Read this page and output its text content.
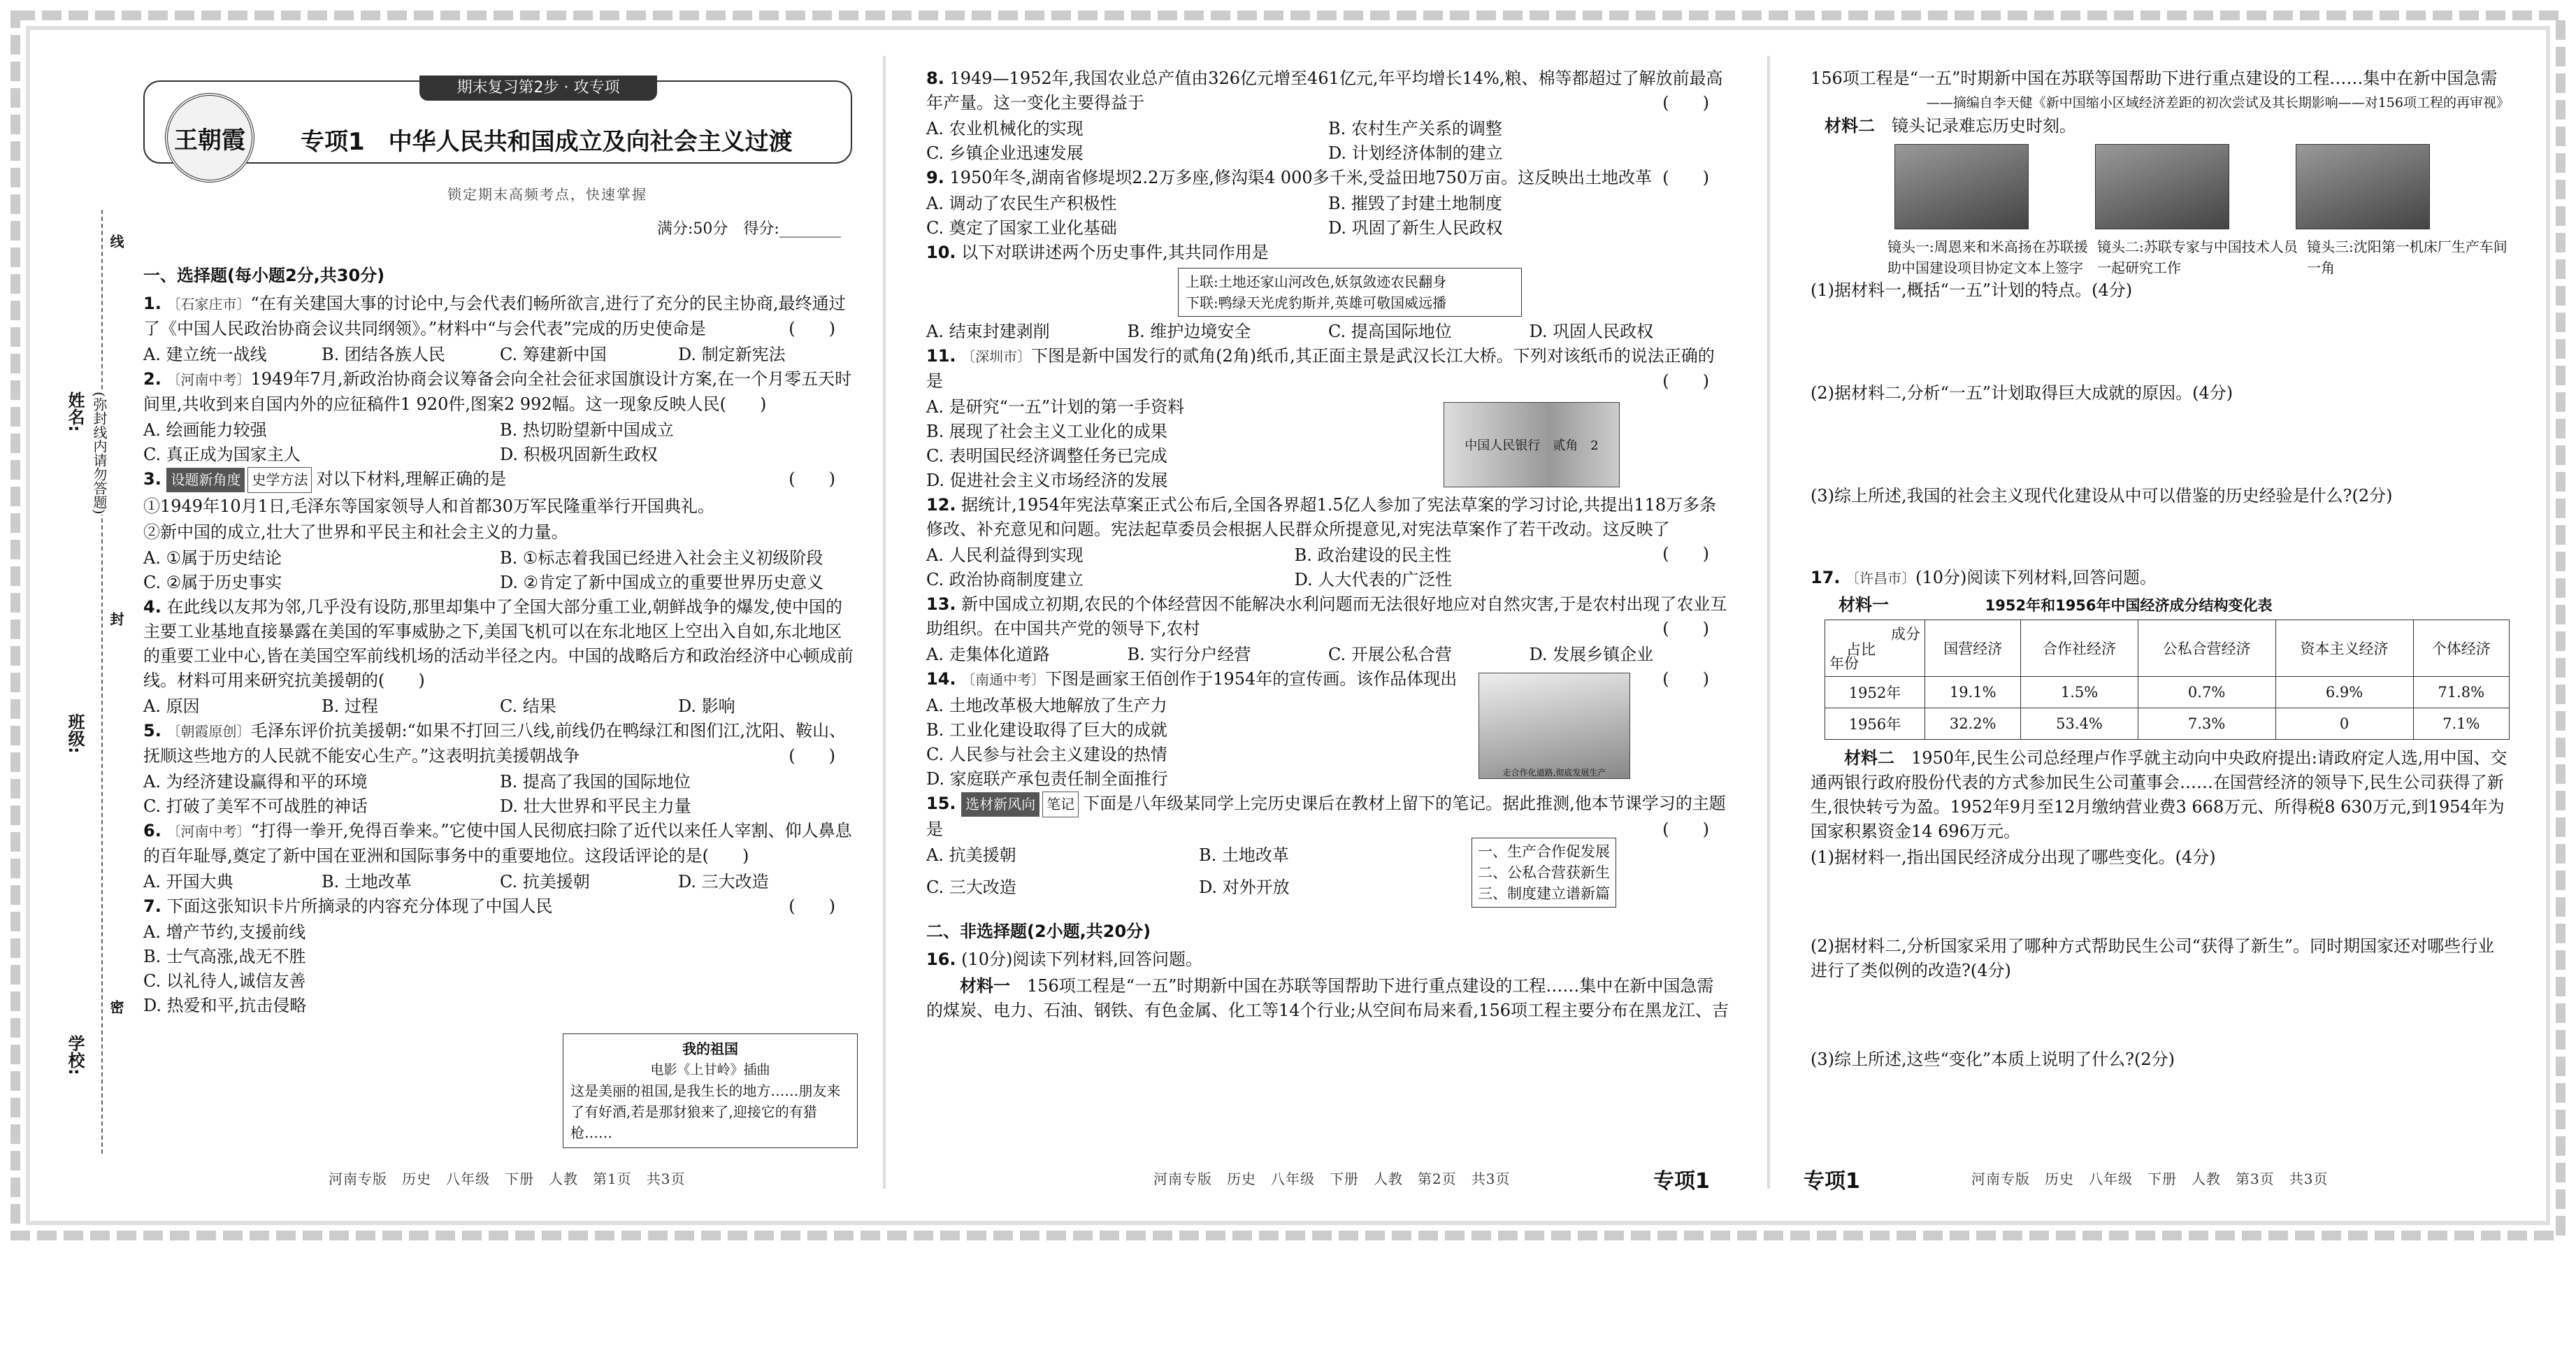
姓名:
班级:
学校:
(弥封线内请勿答题)
线
封
密
期末复习第2步 · 攻专项
王朝霞 专项1　中华人民共和国成立及向社会主义过渡
锁定期末高频考点，快速掌握
满分:50分　得分:________
一、选择题(每小题2分,共30分)
1. 〔石家庄市〕“在有关建国大事的讨论中,与会代表们畅所欲言,进行了充分的民主协商,最终通过了《中国人民政治协商会议共同纲领》。”材料中“与会代表”完成的历史使命是	(　　)
A. 建立统一战线	B. 团结各族人民	C. 筹建新中国	D. 制定新宪法
2. 〔河南中考〕1949年7月,新政治协商会议筹备会向全社会征求国旗设计方案,在一个月零五天时间里,共收到来自国内外的应征稿件1 920件,图案2 992幅。这一现象反映人民(　　)
A. 绘画能力较强	B. 热切盼望新中国成立
C. 真正成为国家主人	D. 积极巩固新生政权
3. 设题新角度 史学方法 对以下材料,理解正确的是	(　　)
①1949年10月1日,毛泽东等国家领导人和首都30万军民隆重举行开国典礼。
②新中国的成立,壮大了世界和平民主和社会主义的力量。
A. ①属于历史结论	B. ①标志着我国已经进入社会主义初级阶段
C. ②属于历史事实	D. ②肯定了新中国成立的重要世界历史意义
4. 在此线以友邦为邻,几乎没有设防,那里却集中了全国大部分重工业,朝鲜战争的爆发,使中国的主要工业基地直接暴露在美国的军事威胁之下,美国飞机可以在东北地区上空出入自如,东北地区的重要工业中心,皆在美国空军前线机场的活动半径之内。中国的战略后方和政治经济中心顿成前线。材料可用来研究抗美援朝的(　　)
A. 原因	B. 过程	C. 结果	D. 影响
5. 〔朝霞原创〕毛泽东评价抗美援朝:“如果不打回三八线,前线仍在鸭绿江和图们江,沈阳、鞍山、抚顺这些地方的人民就不能安心生产。”这表明抗美援朝战争	(　　)
A. 为经济建设赢得和平的环境	B. 提高了我国的国际地位
C. 打破了美军不可战胜的神话	D. 壮大世界和平民主力量
6. 〔河南中考〕“打得一拳开,免得百拳来。”它使中国人民彻底扫除了近代以来任人宰割、仰人鼻息的百年耻辱,奠定了新中国在亚洲和国际事务中的重要地位。这段话评论的是(　　)
A. 开国大典	B. 土地改革	C. 抗美援朝	D. 三大改造
7. 下面这张知识卡片所摘录的内容充分体现了中国人民	(　　)
A. 增产节约,支援前线
B. 士气高涨,战无不胜
C. 以礼待人,诚信友善
D. 热爱和平,抗击侵略
我的祖国
电影《上甘岭》插曲
这是美丽的祖国,是我生长的地方……朋友来了有好酒,若是那豺狼来了,迎接它的有猎枪……
8. 1949—1952年,我国农业总产值由326亿元增至461亿元,年平均增长14%,粮、棉等都超过了解放前最高年产量。这一变化主要得益于	(　　)
A. 农业机械化的实现	B. 农村生产关系的调整
C. 乡镇企业迅速发展	D. 计划经济体制的建立
9. 1950年冬,湖南省修堤坝2.2万多座,修沟渠4 000多千米,受益田地750万亩。这反映出土地改革 (　　)
A. 调动了农民生产积极性	B. 摧毁了封建土地制度
C. 奠定了国家工业化基础	D. 巩固了新生人民政权
10. 以下对联讲述两个历史事件,其共同作用是
上联:土地还家山河改色,妖氛敛迹农民翻身
下联:鸭绿天光虎豹斯并,英雄可敬国威远播
A. 结束封建剥削	B. 维护边境安全	C. 提高国际地位	D. 巩固人民政权
11. 〔深圳市〕下图是新中国发行的贰角(2角)纸币,其正面主景是武汉长江大桥。下列对该纸币的说法正确的是	(　　)
A. 是研究“一五”计划的第一手资料
B. 展现了社会主义工业化的成果
C. 表明国民经济调整任务已完成
D. 促进社会主义市场经济的发展
中国人民银行　贰角　2
12. 据统计,1954年宪法草案正式公布后,全国各界超1.5亿人参加了宪法草案的学习讨论,共提出118万多条修改、补充意见和问题。宪法起草委员会根据人民群众所提意见,对宪法草案作了若干改动。这反映了
(　　)
A. 人民利益得到实现	B. 政治建设的民主性
C. 政治协商制度建立	D. 人大代表的广泛性
13. 新中国成立初期,农民的个体经营因不能解决水利问题而无法很好地应对自然灾害,于是农村出现了农业互助组织。在中国共产党的领导下,农村	(　　)
A. 走集体化道路	B. 实行分户经营	C. 开展公私合营	D. 发展乡镇企业
14. 〔南通中考〕下图是画家王佰创作于1954年的宣传画。该作品体现出	(　　)
A. 土地改革极大地解放了生产力
B. 工业化建设取得了巨大的成就
C. 人民参与社会主义建设的热情
D. 家庭联产承包责任制全面推行	走合作化道路,彻底发展生产
15. 选材新风向 笔记 下面是八年级某同学上完历史课后在教材上留下的笔记。据此推测,他本节课学习的主题是	(　　)
A. 抗美援朝	B. 土地改革
C. 三大改造	D. 对外开放
一、生产合作促发展
二、公私合营获新生
三、制度建立谱新篇
二、非选择题(2小题,共20分)
16. (10分)阅读下列材料,回答问题。
材料一　 156项工程是“一五”时期新中国在苏联等国帮助下进行重点建设的工程……集中在新中国急需的煤炭、电力、石油、钢铁、有色金属、化工等14个行业;从空间布局来看,156项工程主要分布在黑龙江、吉
156项工程是“一五”时期新中国在苏联等国帮助下进行重点建设的工程……集中在新中国急需
——摘编自李天健《新中国缩小区域经济差距的初次尝试及其长期影响——对156项工程的再审视》
材料二　 镜头记录难忘历史时刻。
镜头一:周恩来和米高扬在苏联援助中国建设项目协定文本上签字
镜头二:苏联专家与中国技术人员一起研究工作
镜头三:沈阳第一机床厂生产车间一角
(1)据材料一,概括“一五”计划的特点。(4分)
(2)据材料二,分析“一五”计划取得巨大成就的原因。(4分)
(3)综上所述,我国的社会主义现代化建设从中可以借鉴的历史经验是什么?(2分)
17. 〔许昌市〕(10分)阅读下列材料,回答问题。
材料一	1952年和1956年中国经济成分结构变化表
成分
占比
年份	国营经济	合作社经济	公私合营经济	资本主义经济	个体经济
1952年	19.1%	1.5%	0.7%	6.9%	71.8%
1956年	32.2%	53.4%	7.3%	0	7.1%
材料二　 1950年,民生公司总经理卢作孚就主动向中央政府提出:请政府定人选,用中国、交通两银行政府股份代表的方式参加民生公司董事会……在国营经济的领导下,民生公司获得了新生,很快转亏为盈。1952年9月至12月缴纳营业费3 668万元、所得税8 630万元,到1954年为国家积累资金14 696万元。
(1)据材料一,指出国民经济成分出现了哪些变化。(4分)
(2)据材料二,分析国家采用了哪种方式帮助民生公司“获得了新生”。同时期国家还对哪些行业进行了类似例的改造?(4分)
(3)综上所述,这些“变化”本质上说明了什么?(2分)
河南专版　历史　八年级　下册　人教　第1页　共3页	河南专版　历史　八年级　下册　人教　第2页　共3页	专项1	专项1	河南专版　历史　八年级　下册　人教　第3页　共3页
